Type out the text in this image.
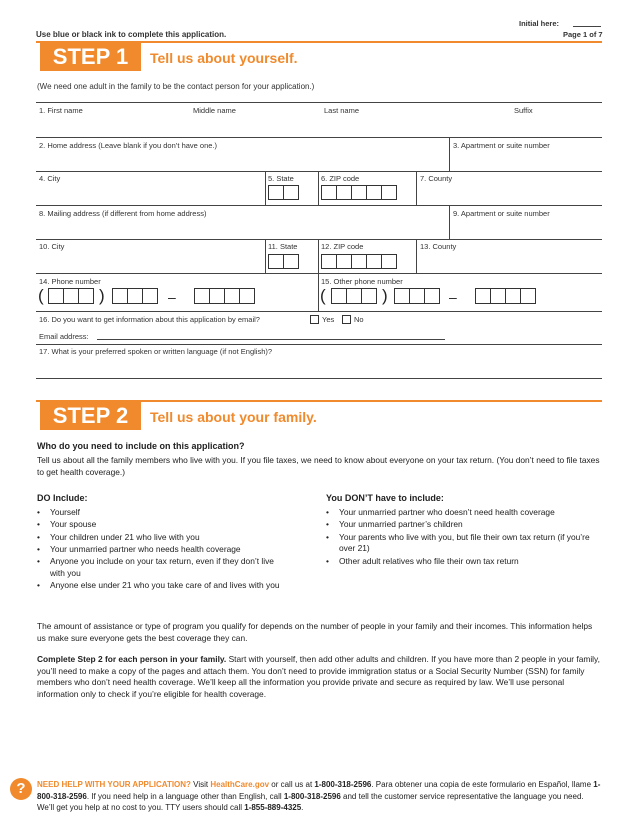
Use blue or black ink to complete this application.
Initial here:
Page 1 of 7
STEP 1	Tell us about yourself.
(We need one adult in the family to be the contact person for your application.)
1. First name	Middle name	Last name	Suffix
2. Home address (Leave blank if you don’t have one.)	3. Apartment or suite number
4. City	5. State	6. ZIP code	7. County
8. Mailing address (if different from home address)	9. Apartment or suite number
10. City	11. State	12. ZIP code	13. County
14. Phone number	15. Other phone number
(	)	–	(	)	–
16. Do you want to get information about this application by email?	Yes	No
Email address:
17. What is your preferred spoken or written language (if not English)?
STEP 2	Tell us about your family.
Who do you need to include on this application?
Tell us about all the family members who live with you. If you file taxes, we need to know about everyone on your tax return. (You don’t need to file taxes to get health coverage.)
DO Include:
• Yourself
• Your spouse
• Your children under 21 who live with you
• Your unmarried partner who needs health coverage
• Anyone you include on your tax return, even if they don’t live with you
• Anyone else under 21 who you take care of and lives with you
You DON’T have to include:
• Your unmarried partner who doesn’t need health coverage
• Your unmarried partner’s children
• Your parents who live with you, but file their own tax return (if you’re over 21)
• Other adult relatives who file their own tax return
The amount of assistance or type of program you qualify for depends on the number of people in your family and their incomes. This information helps us make sure everyone gets the best coverage they can.
Complete Step 2 for each person in your family. Start with yourself, then add other adults and children. If you have more than 2 people in your family, you’ll need to make a copy of the pages and attach them. You don’t need to provide immigration status or a Social Security Number (SSN) for family members who don’t need health coverage. We’ll keep all the information you provide private and secure as required by law. We’ll use personal information only to check if you’re eligible for health coverage.
?	NEED HELP WITH YOUR APPLICATION? Visit HealthCare.gov or call us at 1-800-318-2596. Para obtener una copia de este formulario en Español, llame 1-800-318-2596. If you need help in a language other than English, call 1-800-318-2596 and tell the customer service representative the language you need. We’ll get you help at no cost to you. TTY users should call 1-855-889-4325.
